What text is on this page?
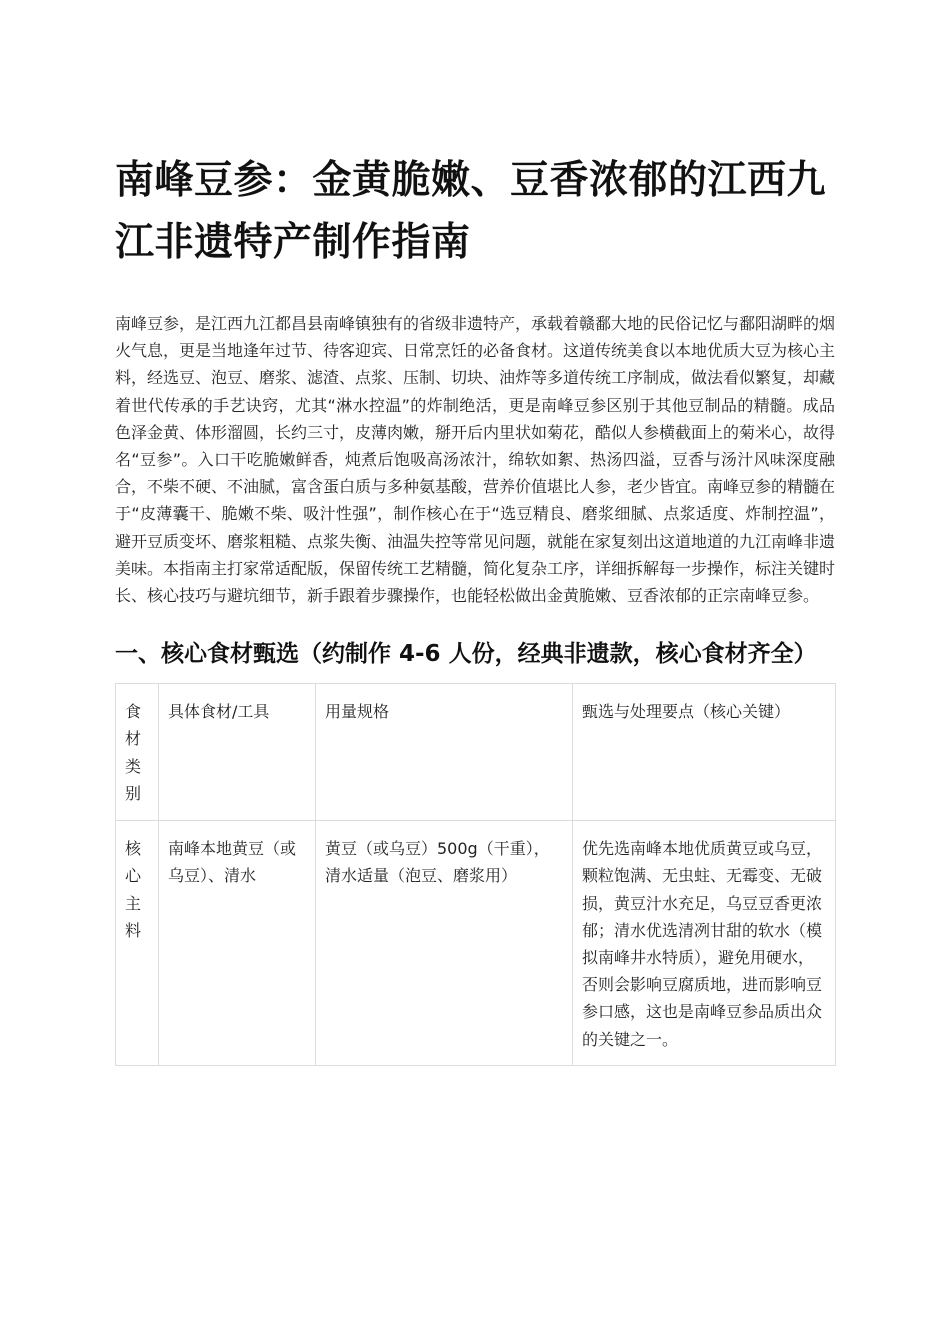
南峰豆参：金黄脆嫩、豆香浓郁的江西九江非遗特产制作指南

南峰豆参，是江西九江都昌县南峰镇独有的省级非遗特产，承载着赣鄱大地的民俗记忆与鄱阳湖畔的烟火气息，更是当地逢年过节、待客迎宾、日常烹饪的必备食材。这道传统美食以本地优质大豆为核心主料，经选豆、泡豆、磨浆、滤渣、点浆、压制、切块、油炸等多道传统工序制成，做法看似繁复，却藏着世代传承的手艺诀窍，尤其“淋水控温”的炸制绝活，更是南峰豆参区别于其他豆制品的精髓。成品色泽金黄、体形溜圆，长约三寸，皮薄肉嫩，掰开后内里状如菊花，酷似人参横截面上的菊米心，故得名“豆参”。入口干吃脆嫩鲜香，炖煮后饱吸高汤浓汁，绵软如絮、热汤四溢，豆香与汤汁风味深度融合，不柴不硬、不油腻，富含蛋白质与多种氨基酸，营养价值堪比人参，老少皆宜。南峰豆参的精髓在于“皮薄囊干、脆嫩不柴、吸汁性强”，制作核心在于“选豆精良、磨浆细腻、点浆适度、炸制控温”，避开豆质变坏、磨浆粗糙、点浆失衡、油温失控等常见问题，就能在家复刻出这道地道的九江南峰非遗美味。本指南主打家常适配版，保留传统工艺精髓，简化复杂工序，详细拆解每一步操作，标注关键时长、核心技巧与避坑细节，新手跟着步骤操作，也能轻松做出金黄脆嫩、豆香浓郁的正宗南峰豆参。

一、核心食材甄选（约制作 4-6 人份，经典非遗款，核心食材齐全）
食材类别	具体食材/工具	用量规格	甄选与处理要点（核心关键）
核心主料	南峰本地黄豆（或乌豆）、清水	黄豆（或乌豆）500g（干重），清水适量（泡豆、磨浆用）	优先选南峰本地优质黄豆或乌豆，颗粒饱满、无虫蛀、无霉变、无破损，黄豆汁水充足，乌豆豆香更浓郁；清水优选清冽甘甜的软水（模拟南峰井水特质），避免用硬水，否则会影响豆腐质地，进而影响豆参口感，这也是南峰豆参品质出众的关键之一。
